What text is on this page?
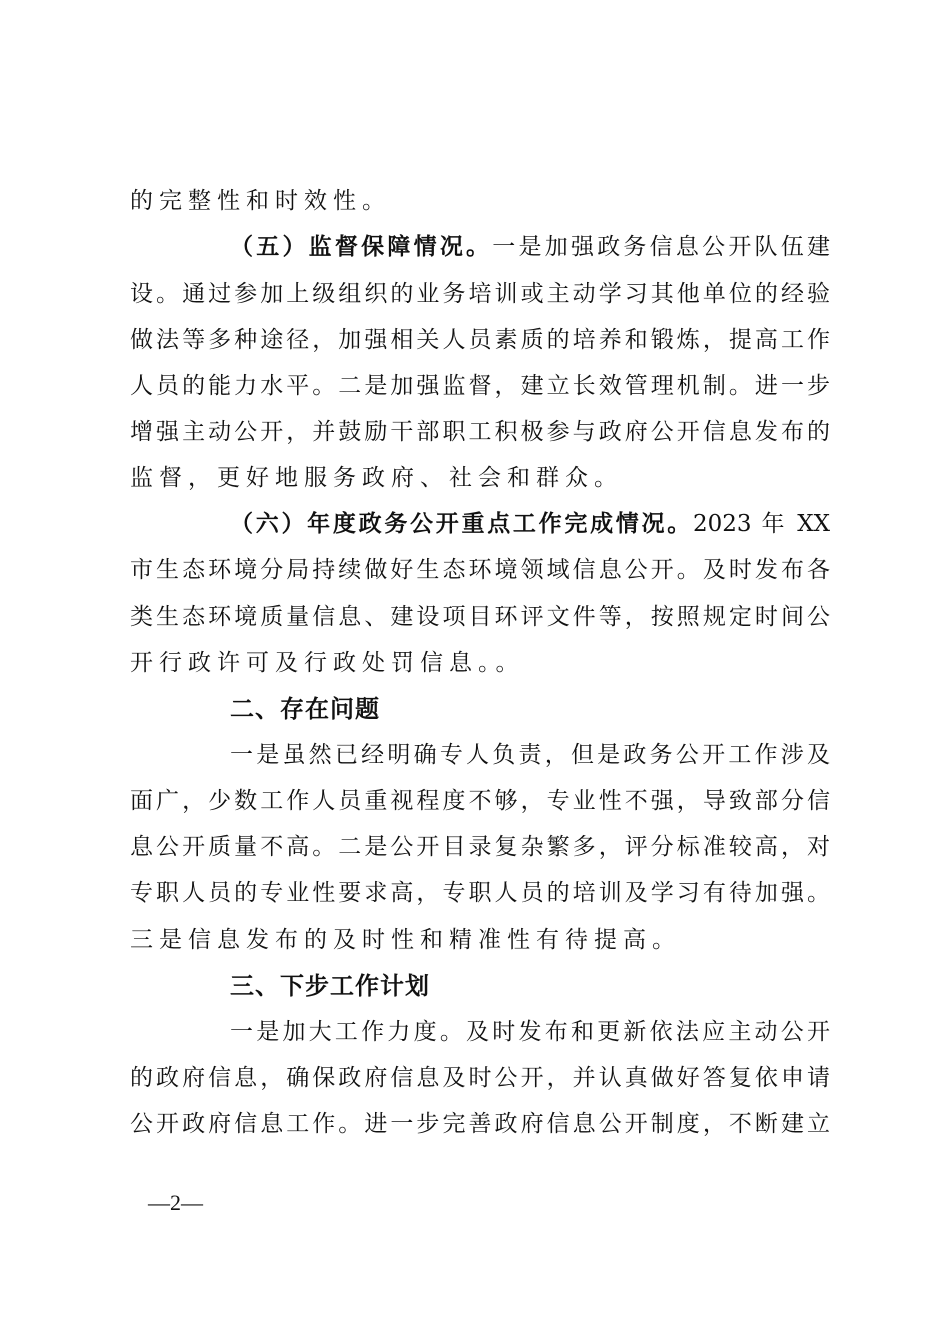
的完整性和时效性。
（五）监督保障情况。一是加强政务信息公开队伍建
设。通过参加上级组织的业务培训或主动学习其他单位的经验
做法等多种途径，加强相关人员素质的培养和锻炼，提高工作
人员的能力水平。二是加强监督，建立长效管理机制。进一步
增强主动公开，并鼓励干部职工积极参与政府公开信息发布的
监督，更好地服务政府、社会和群众。
（六）年度政务公开重点工作完成情况。2023 年 XX
市生态环境分局持续做好生态环境领域信息公开。及时发布各
类生态环境质量信息、建设项目环评文件等，按照规定时间公
开行政许可及行政处罚信息。。
二、存在问题
一是虽然已经明确专人负责，但是政务公开工作涉及
面广，少数工作人员重视程度不够，专业性不强，导致部分信
息公开质量不高。二是公开目录复杂繁多，评分标准较高，对
专职人员的专业性要求高，专职人员的培训及学习有待加强。
三是信息发布的及时性和精准性有待提高。
三、下步工作计划
一是加大工作力度。及时发布和更新依法应主动公开
的政府信息，确保政府信息及时公开，并认真做好答复依申请
公开政府信息工作。进一步完善政府信息公开制度，不断建立
—2—
